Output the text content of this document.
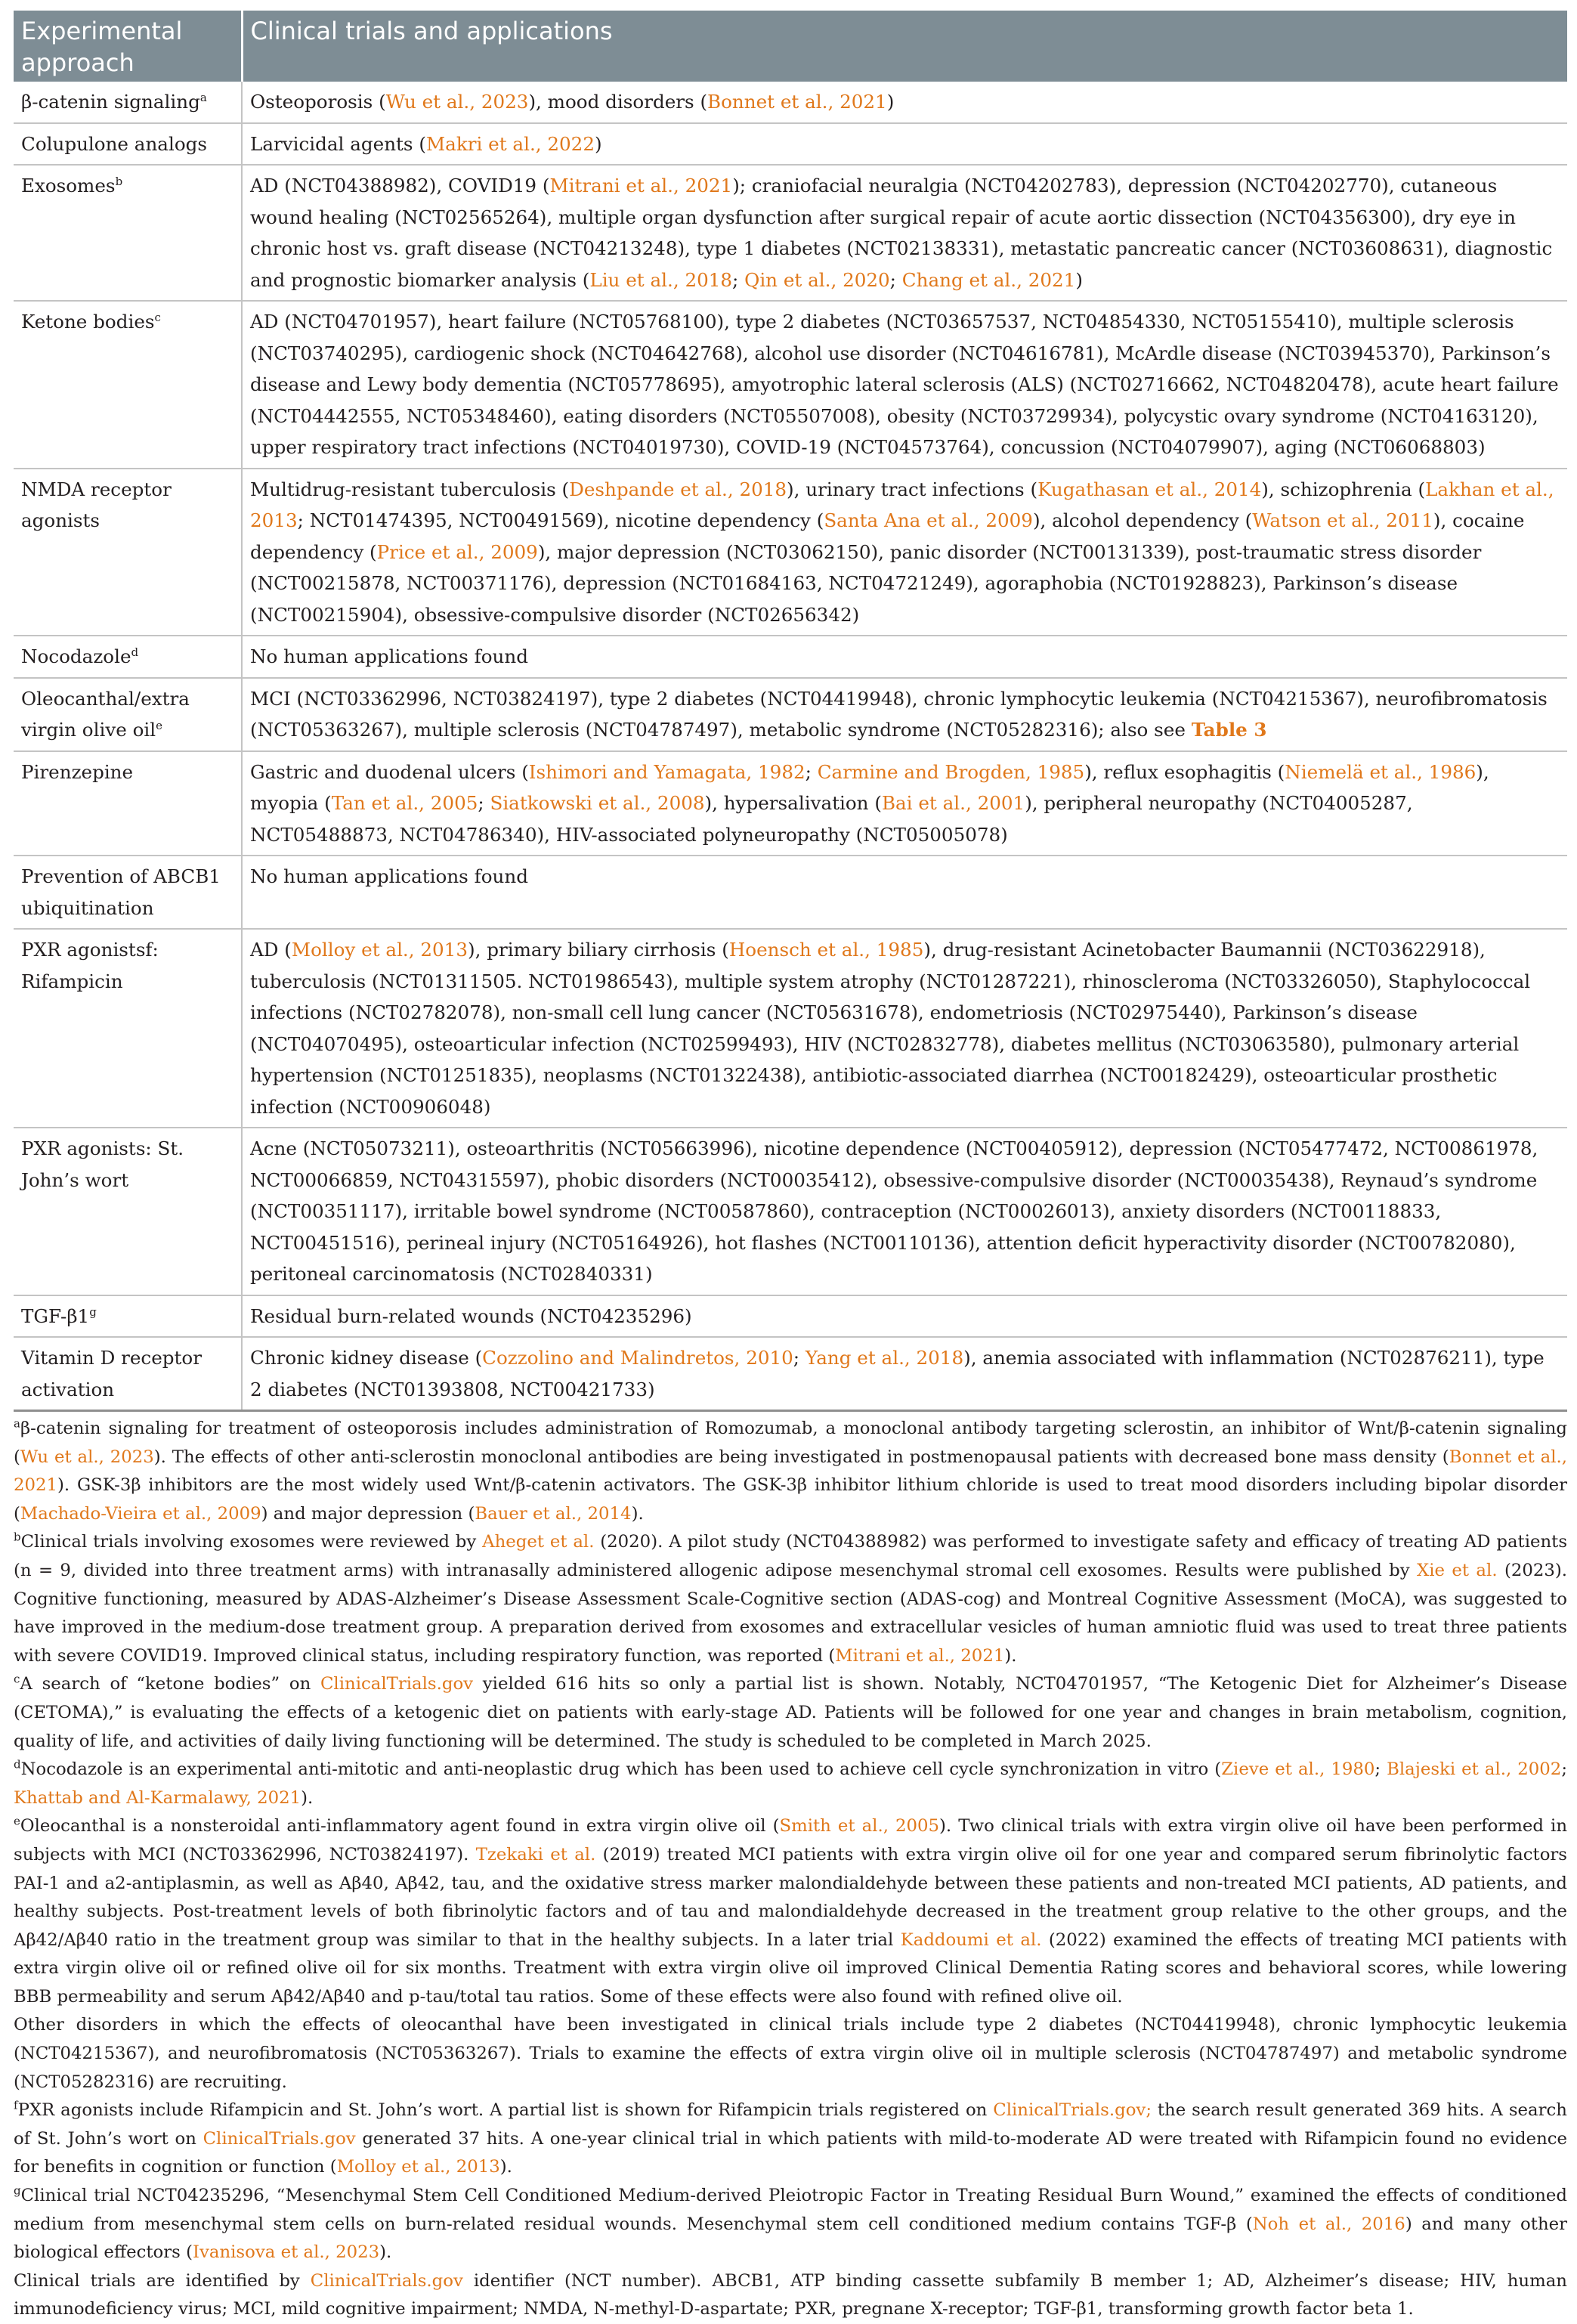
Experimental approach	Clinical trials and applications
β-catenin signaling$^a$	Osteoporosis (Wu et al., 2023), mood disorders (Bonnet et al., 2021)
Colupulone analogs	Larvicidal agents (Makri et al., 2022)
Exosomes$^b$	AD (NCT04388982), COVID19 (Mitrani et al., 2021); craniofacial neuralgia (NCT04202783), depression (NCT04202770), cutaneous wound healing (NCT02565264), multiple organ dysfunction after surgical repair of acute aortic dissection (NCT04356300), dry eye in chronic host vs. graft disease (NCT04213248), type 1 diabetes (NCT02138331), metastatic pancreatic cancer (NCT03608631), diagnostic and prognostic biomarker analysis (Liu et al., 2018; Qin et al., 2020; Chang et al., 2021)
Ketone bodies$^c$	AD (NCT04701957), heart failure (NCT05768100), type 2 diabetes (NCT03657537, NCT04854330, NCT05155410), multiple sclerosis (NCT03740295), cardiogenic shock (NCT04642768), alcohol use disorder (NCT04616781), McArdle disease (NCT03945370), Parkinson’s disease and Lewy body dementia (NCT05778695), amyotrophic lateral sclerosis (ALS) (NCT02716662, NCT04820478), acute heart failure (NCT04442555, NCT05348460), eating disorders (NCT05507008), obesity (NCT03729934), polycystic ovary syndrome (NCT04163120), upper respiratory tract infections (NCT04019730), COVID-19 (NCT04573764), concussion (NCT04079907), aging (NCT06068803)
NMDA receptor agonists	Multidrug-resistant tuberculosis (Deshpande et al., 2018), urinary tract infections (Kugathasan et al., 2014), schizophrenia (Lakhan et al., 2013; NCT01474395, NCT00491569), nicotine dependency (Santa Ana et al., 2009), alcohol dependency (Watson et al., 2011), cocaine dependency (Price et al., 2009), major depression (NCT03062150), panic disorder (NCT00131339), post-traumatic stress disorder (NCT00215878, NCT00371176), depression (NCT01684163, NCT04721249), agoraphobia (NCT01928823), Parkinson’s disease (NCT00215904), obsessive-compulsive disorder (NCT02656342)
Nocodazole$^d$	No human applications found
Oleocanthal/extra virgin olive oil$^e$	MCI (NCT03362996, NCT03824197), type 2 diabetes (NCT04419948), chronic lymphocytic leukemia (NCT04215367), neurofibromatosis (NCT05363267), multiple sclerosis (NCT04787497), metabolic syndrome (NCT05282316); also see Table 3
Pirenzepine	Gastric and duodenal ulcers (Ishimori and Yamagata, 1982; Carmine and Brogden, 1985), reflux esophagitis (Niemelä et al., 1986), myopia (Tan et al., 2005; Siatkowski et al., 2008), hypersalivation (Bai et al., 2001), peripheral neuropathy (NCT04005287, NCT05488873, NCT04786340), HIV-associated polyneuropathy (NCT05005078)
Prevention of ABCB1 ubiquitination	No human applications found
PXR agonistsf: Rifampicin	AD (Molloy et al., 2013), primary biliary cirrhosis (Hoensch et al., 1985), drug-resistant Acinetobacter Baumannii (NCT03622918), tuberculosis (NCT01311505. NCT01986543), multiple system atrophy (NCT01287221), rhinoscleroma (NCT03326050), Staphylococcal infections (NCT02782078), non-small cell lung cancer (NCT05631678), endometriosis (NCT02975440), Parkinson’s disease (NCT04070495), osteoarticular infection (NCT02599493), HIV (NCT02832778), diabetes mellitus (NCT03063580), pulmonary arterial hypertension (NCT01251835), neoplasms (NCT01322438), antibiotic-associated diarrhea (NCT00182429), osteoarticular prosthetic infection (NCT00906048)
PXR agonists: St. John’s wort	Acne (NCT05073211), osteoarthritis (NCT05663996), nicotine dependence (NCT00405912), depression (NCT05477472, NCT00861978, NCT00066859, NCT04315597), phobic disorders (NCT00035412), obsessive-compulsive disorder (NCT00035438), Reynaud’s syndrome (NCT00351117), irritable bowel syndrome (NCT00587860), contraception (NCT00026013), anxiety disorders (NCT00118833, NCT00451516), perineal injury (NCT05164926), hot flashes (NCT00110136), attention deficit hyperactivity disorder (NCT00782080), peritoneal carcinomatosis (NCT02840331)
TGF-β1$^g$	Residual burn-related wounds (NCT04235296)
Vitamin D receptor activation	Chronic kidney disease (Cozzolino and Malindretos, 2010; Yang et al., 2018), anemia associated with inflammation (NCT02876211), type 2 diabetes (NCT01393808, NCT00421733)

$^a$β-catenin signaling for treatment of osteoporosis includes administration of Romozumab, a monoclonal antibody targeting sclerostin, an inhibitor of Wnt/β-catenin signaling (Wu et al., 2023). The effects of other anti-sclerostin monoclonal antibodies are being investigated in postmenopausal patients with decreased bone mass density (Bonnet et al., 2021). GSK-3β inhibitors are the most widely used Wnt/β-catenin activators. The GSK-3β inhibitor lithium chloride is used to treat mood disorders including bipolar disorder (Machado-Vieira et al., 2009) and major depression (Bauer et al., 2014).

$^b$Clinical trials involving exosomes were reviewed by Aheget et al. (2020). A pilot study (NCT04388982) was performed to investigate safety and efficacy of treating AD patients (n = 9, divided into three treatment arms) with intranasally administered allogenic adipose mesenchymal stromal cell exosomes. Results were published by Xie et al. (2023). Cognitive functioning, measured by ADAS-Alzheimer’s Disease Assessment Scale-Cognitive section (ADAS-cog) and Montreal Cognitive Assessment (MoCA), was suggested to have improved in the medium-dose treatment group. A preparation derived from exosomes and extracellular vesicles of human amniotic fluid was used to treat three patients with severe COVID19. Improved clinical status, including respiratory function, was reported (Mitrani et al., 2021).

$^c$A search of “ketone bodies” on ClinicalTrials.gov yielded 616 hits so only a partial list is shown. Notably, NCT04701957, “The Ketogenic Diet for Alzheimer’s Disease (CETOMA),” is evaluating the effects of a ketogenic diet on patients with early-stage AD. Patients will be followed for one year and changes in brain metabolism, cognition, quality of life, and activities of daily living functioning will be determined. The study is scheduled to be completed in March 2025.

$^d$Nocodazole is an experimental anti-mitotic and anti-neoplastic drug which has been used to achieve cell cycle synchronization in vitro (Zieve et al., 1980; Blajeski et al., 2002; Khattab and Al-Karmalawy, 2021).

$^e$Oleocanthal is a nonsteroidal anti-inflammatory agent found in extra virgin olive oil (Smith et al., 2005). Two clinical trials with extra virgin olive oil have been performed in subjects with MCI (NCT03362996, NCT03824197). Tzekaki et al. (2019) treated MCI patients with extra virgin olive oil for one year and compared serum fibrinolytic factors PAI-1 and a2-antiplasmin, as well as Aβ40, Aβ42, tau, and the oxidative stress marker malondialdehyde between these patients and non-treated MCI patients, AD patients, and healthy subjects. Post-treatment levels of both fibrinolytic factors and of tau and malondialdehyde decreased in the treatment group relative to the other groups, and the Aβ42/Aβ40 ratio in the treatment group was similar to that in the healthy subjects. In a later trial Kaddoumi et al. (2022) examined the effects of treating MCI patients with extra virgin olive oil or refined olive oil for six months. Treatment with extra virgin olive oil improved Clinical Dementia Rating scores and behavioral scores, while lowering BBB permeability and serum Aβ42/Aβ40 and p-tau/total tau ratios. Some of these effects were also found with refined olive oil.

Other disorders in which the effects of oleocanthal have been investigated in clinical trials include type 2 diabetes (NCT04419948), chronic lymphocytic leukemia (NCT04215367), and neurofibromatosis (NCT05363267). Trials to examine the effects of extra virgin olive oil in multiple sclerosis (NCT04787497) and metabolic syndrome (NCT05282316) are recruiting.

$^f$PXR agonists include Rifampicin and St. John’s wort. A partial list is shown for Rifampicin trials registered on ClinicalTrials.gov; the search result generated 369 hits. A search of St. John’s wort on ClinicalTrials.gov generated 37 hits. A one-year clinical trial in which patients with mild-to-moderate AD were treated with Rifampicin found no evidence for benefits in cognition or function (Molloy et al., 2013).

$^g$Clinical trial NCT04235296, “Mesenchymal Stem Cell Conditioned Medium-derived Pleiotropic Factor in Treating Residual Burn Wound,” examined the effects of conditioned medium from mesenchymal stem cells on burn-related residual wounds. Mesenchymal stem cell conditioned medium contains TGF-β (Noh et al., 2016) and many other biological effectors (Ivanisova et al., 2023).

Clinical trials are identified by ClinicalTrials.gov identifier (NCT number). ABCB1, ATP binding cassette subfamily B member 1; AD, Alzheimer’s disease; HIV, human immunodeficiency virus; MCI, mild cognitive impairment; NMDA, N-methyl-D-aspartate; PXR, pregnane X-receptor; TGF-β1, transforming growth factor beta 1.
